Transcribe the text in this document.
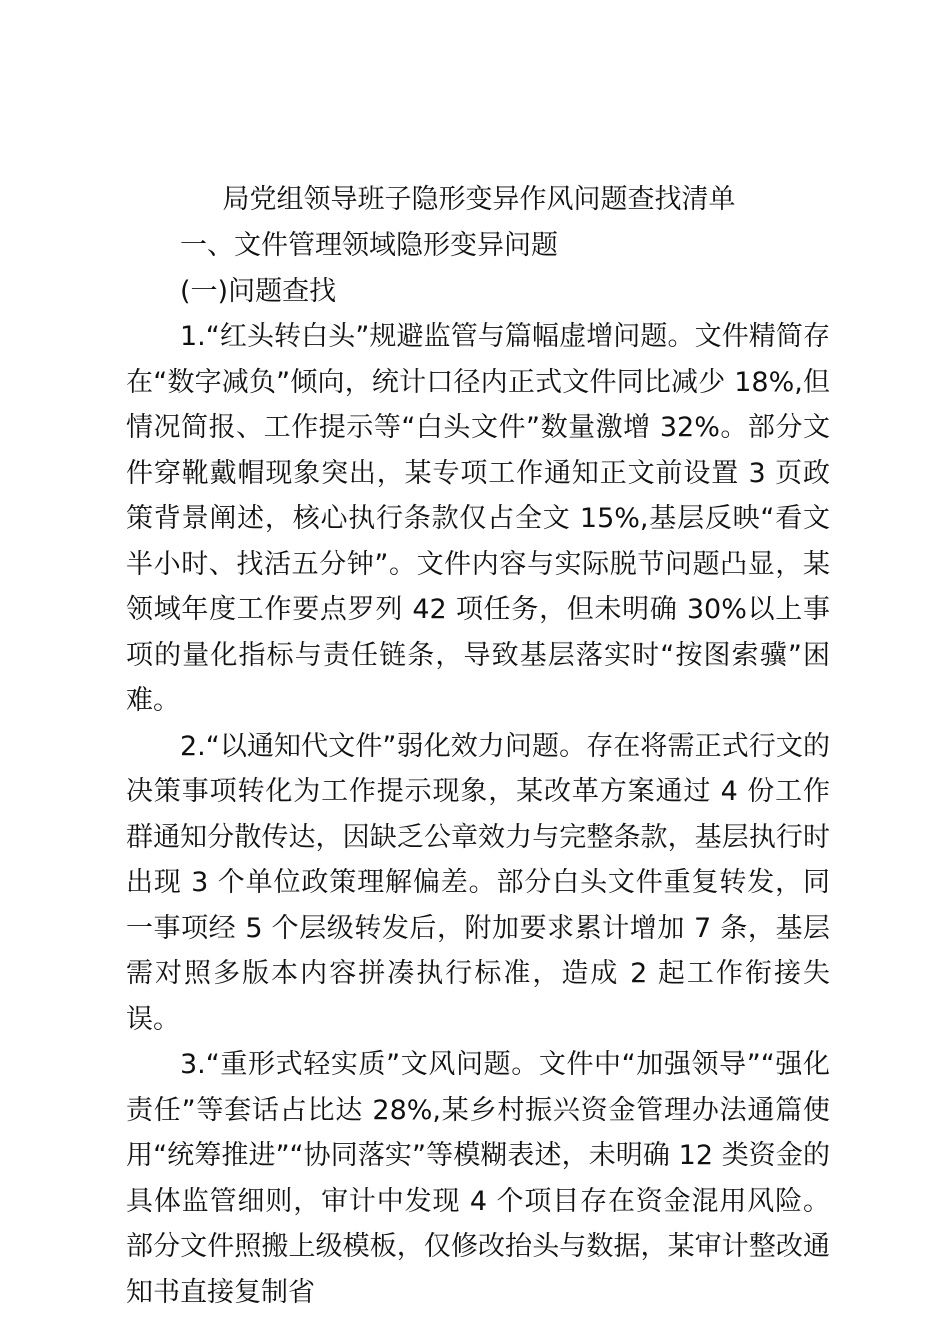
局党组领导班子隐形变异作风问题查找清单

一、文件管理领域隐形变异问题

(一)问题查找

1.“红头转白头”规避监管与篇幅虚增问题。文件精简存在“数字减负”倾向，统计口径内正式文件同比减少 18%,但情况简报、工作提示等“白头文件”数量激增 32%。部分文件穿靴戴帽现象突出，某专项工作通知正文前设置 3 页政策背景阐述，核心执行条款仅占全文 15%,基层反映“看文半小时、找活五分钟”。文件内容与实际脱节问题凸显，某领域年度工作要点罗列 42 项任务，但未明确 30%以上事项的量化指标与责任链条，导致基层落实时“按图索骥”困难。

2.“以通知代文件”弱化效力问题。存在将需正式行文的决策事项转化为工作提示现象，某改革方案通过 4 份工作群通知分散传达，因缺乏公章效力与完整条款，基层执行时出现 3 个单位政策理解偏差。部分白头文件重复转发，同一事项经 5 个层级转发后，附加要求累计增加 7 条，基层需对照多版本内容拼凑执行标准，造成 2 起工作衔接失误。

3.“重形式轻实质”文风问题。文件中“加强领导”“强化责任”等套话占比达 28%,某乡村振兴资金管理办法通篇使用“统筹推进”“协同落实”等模糊表述，未明确 12 类资金的具体监管细则，审计中发现 4 个项目存在资金混用风险。部分文件照搬上级模板，仅修改抬头与数据，某审计整改通知书直接复制省
